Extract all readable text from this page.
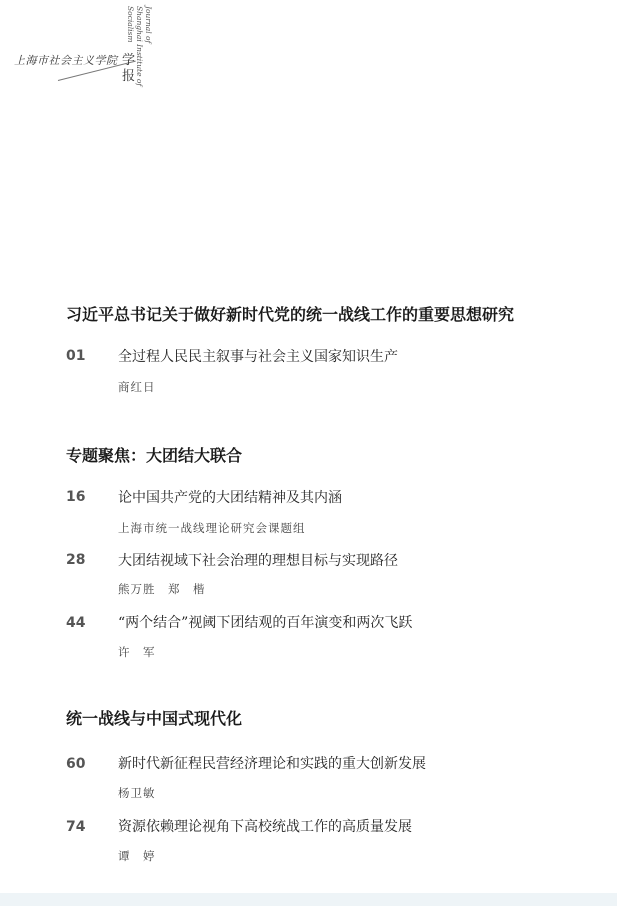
上海市社会主义学院 学
报
Journal of
Shanghai Institute of
Socialism
习近平总书记关于做好新时代党的统一战线工作的重要思想研究
01 全过程人民民主叙事与社会主义国家知识生产
商红日
专题聚焦：大团结大联合
16 论中国共产党的大团结精神及其内涵
上海市统一战线理论研究会课题组
28 大团结视域下社会治理的理想目标与实现路径
熊万胜　郑　楷
44 “两个结合”视阈下团结观的百年演变和两次飞跃
许　军
统一战线与中国式现代化
60 新时代新征程民营经济理论和实践的重大创新发展
杨卫敏
74 资源依赖理论视角下高校统战工作的高质量发展
谭　婷
